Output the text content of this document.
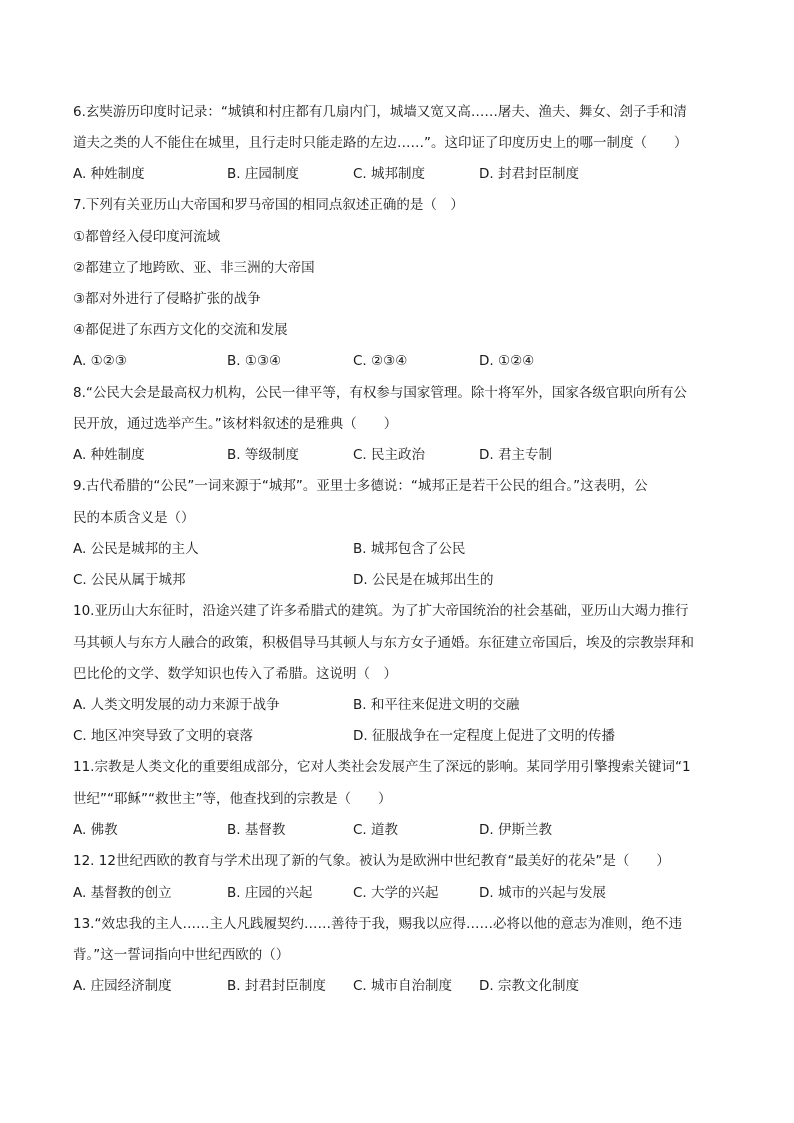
6.玄奘游历印度时记录：“城镇和村庄都有几扇内门，城墙又宽又高……屠夫、渔夫、舞女、刽子手和清
道夫之类的人不能住在城里，且行走时只能走路的左边……”。这印证了印度历史上的哪一制度（　　）
A. 种姓制度	B. 庄园制度	C. 城邦制度	D. 封君封臣制度
7.下列有关亚历山大帝国和罗马帝国的相同点叙述正确的是（　）
①都曾经入侵印度河流域
②都建立了地跨欧、亚、非三洲的大帝国
③都对外进行了侵略扩张的战争
④都促进了东西方文化的交流和发展
A. ①②③	B. ①③④	C. ②③④	D. ①②④
8.“公民大会是最高权力机构，公民一律平等，有权参与国家管理。除十将军外，国家各级官职向所有公
民开放，通过选举产生。”该材料叙述的是雅典（　　）
A. 种姓制度	B. 等级制度	C. 民主政治	D. 君主专制
9.古代希腊的“公民”一词来源于“城邦”。亚里士多德说：“城邦正是若干公民的组合。”这表明，公
民的本质含义是（）
A. 公民是城邦的主人	B. 城邦包含了公民
C. 公民从属于城邦	D. 公民是在城邦出生的
10.亚历山大东征时，沿途兴建了许多希腊式的建筑。为了扩大帝国统治的社会基础，亚历山大竭力推行
马其顿人与东方人融合的政策，积极倡导马其顿人与东方女子通婚。东征建立帝国后，埃及的宗教崇拜和
巴比伦的文学、数学知识也传入了希腊。这说明（　）
A. 人类文明发展的动力来源于战争	B. 和平往来促进文明的交融
C. 地区冲突导致了文明的衰落	D. 征服战争在一定程度上促进了文明的传播
11.宗教是人类文化的重要组成部分，它对人类社会发展产生了深远的影响。某同学用引擎搜索关键词“1
世纪”“耶稣”“救世主”等，他查找到的宗教是（　　）
A. 佛教	B. 基督教	C. 道教	D. 伊斯兰教
12. 12世纪西欧的教育与学术出现了新的气象。被认为是欧洲中世纪教育“最美好的花朵”是（　　）
A. 基督教的创立	B. 庄园的兴起	C. 大学的兴起	D. 城市的兴起与发展
13.“效忠我的主人……主人凡践履契约……善待于我，赐我以应得……必将以他的意志为准则，绝不违
背。”这一誓词指向中世纪西欧的（）
A. 庄园经济制度	B. 封君封臣制度 C. 城市自治制度 D. 宗教文化制度
